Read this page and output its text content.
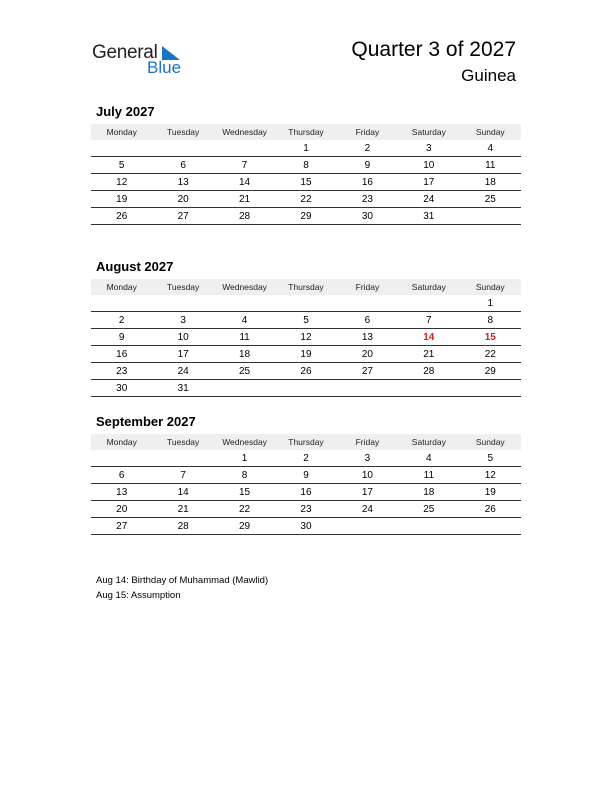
General
Blue
Quarter 3 of 2027
Guinea
July 2027
Monday	Tuesday	Wednesday	Thursday	Friday	Saturday	Sunday
			1	2	3	4
5	6	7	8	9	10	11
12	13	14	15	16	17	18
19	20	21	22	23	24	25
26	27	28	29	30	31	
August 2027
Monday	Tuesday	Wednesday	Thursday	Friday	Saturday	Sunday
						1
2	3	4	5	6	7	8
9	10	11	12	13	14	15
16	17	18	19	20	21	22
23	24	25	26	27	28	29
30	31					
September 2027
Monday	Tuesday	Wednesday	Thursday	Friday	Saturday	Sunday
		1	2	3	4	5
6	7	8	9	10	11	12
13	14	15	16	17	18	19
20	21	22	23	24	25	26
27	28	29	30			
Aug 14: Birthday of Muhammad (Mawlid)
Aug 15: Assumption
